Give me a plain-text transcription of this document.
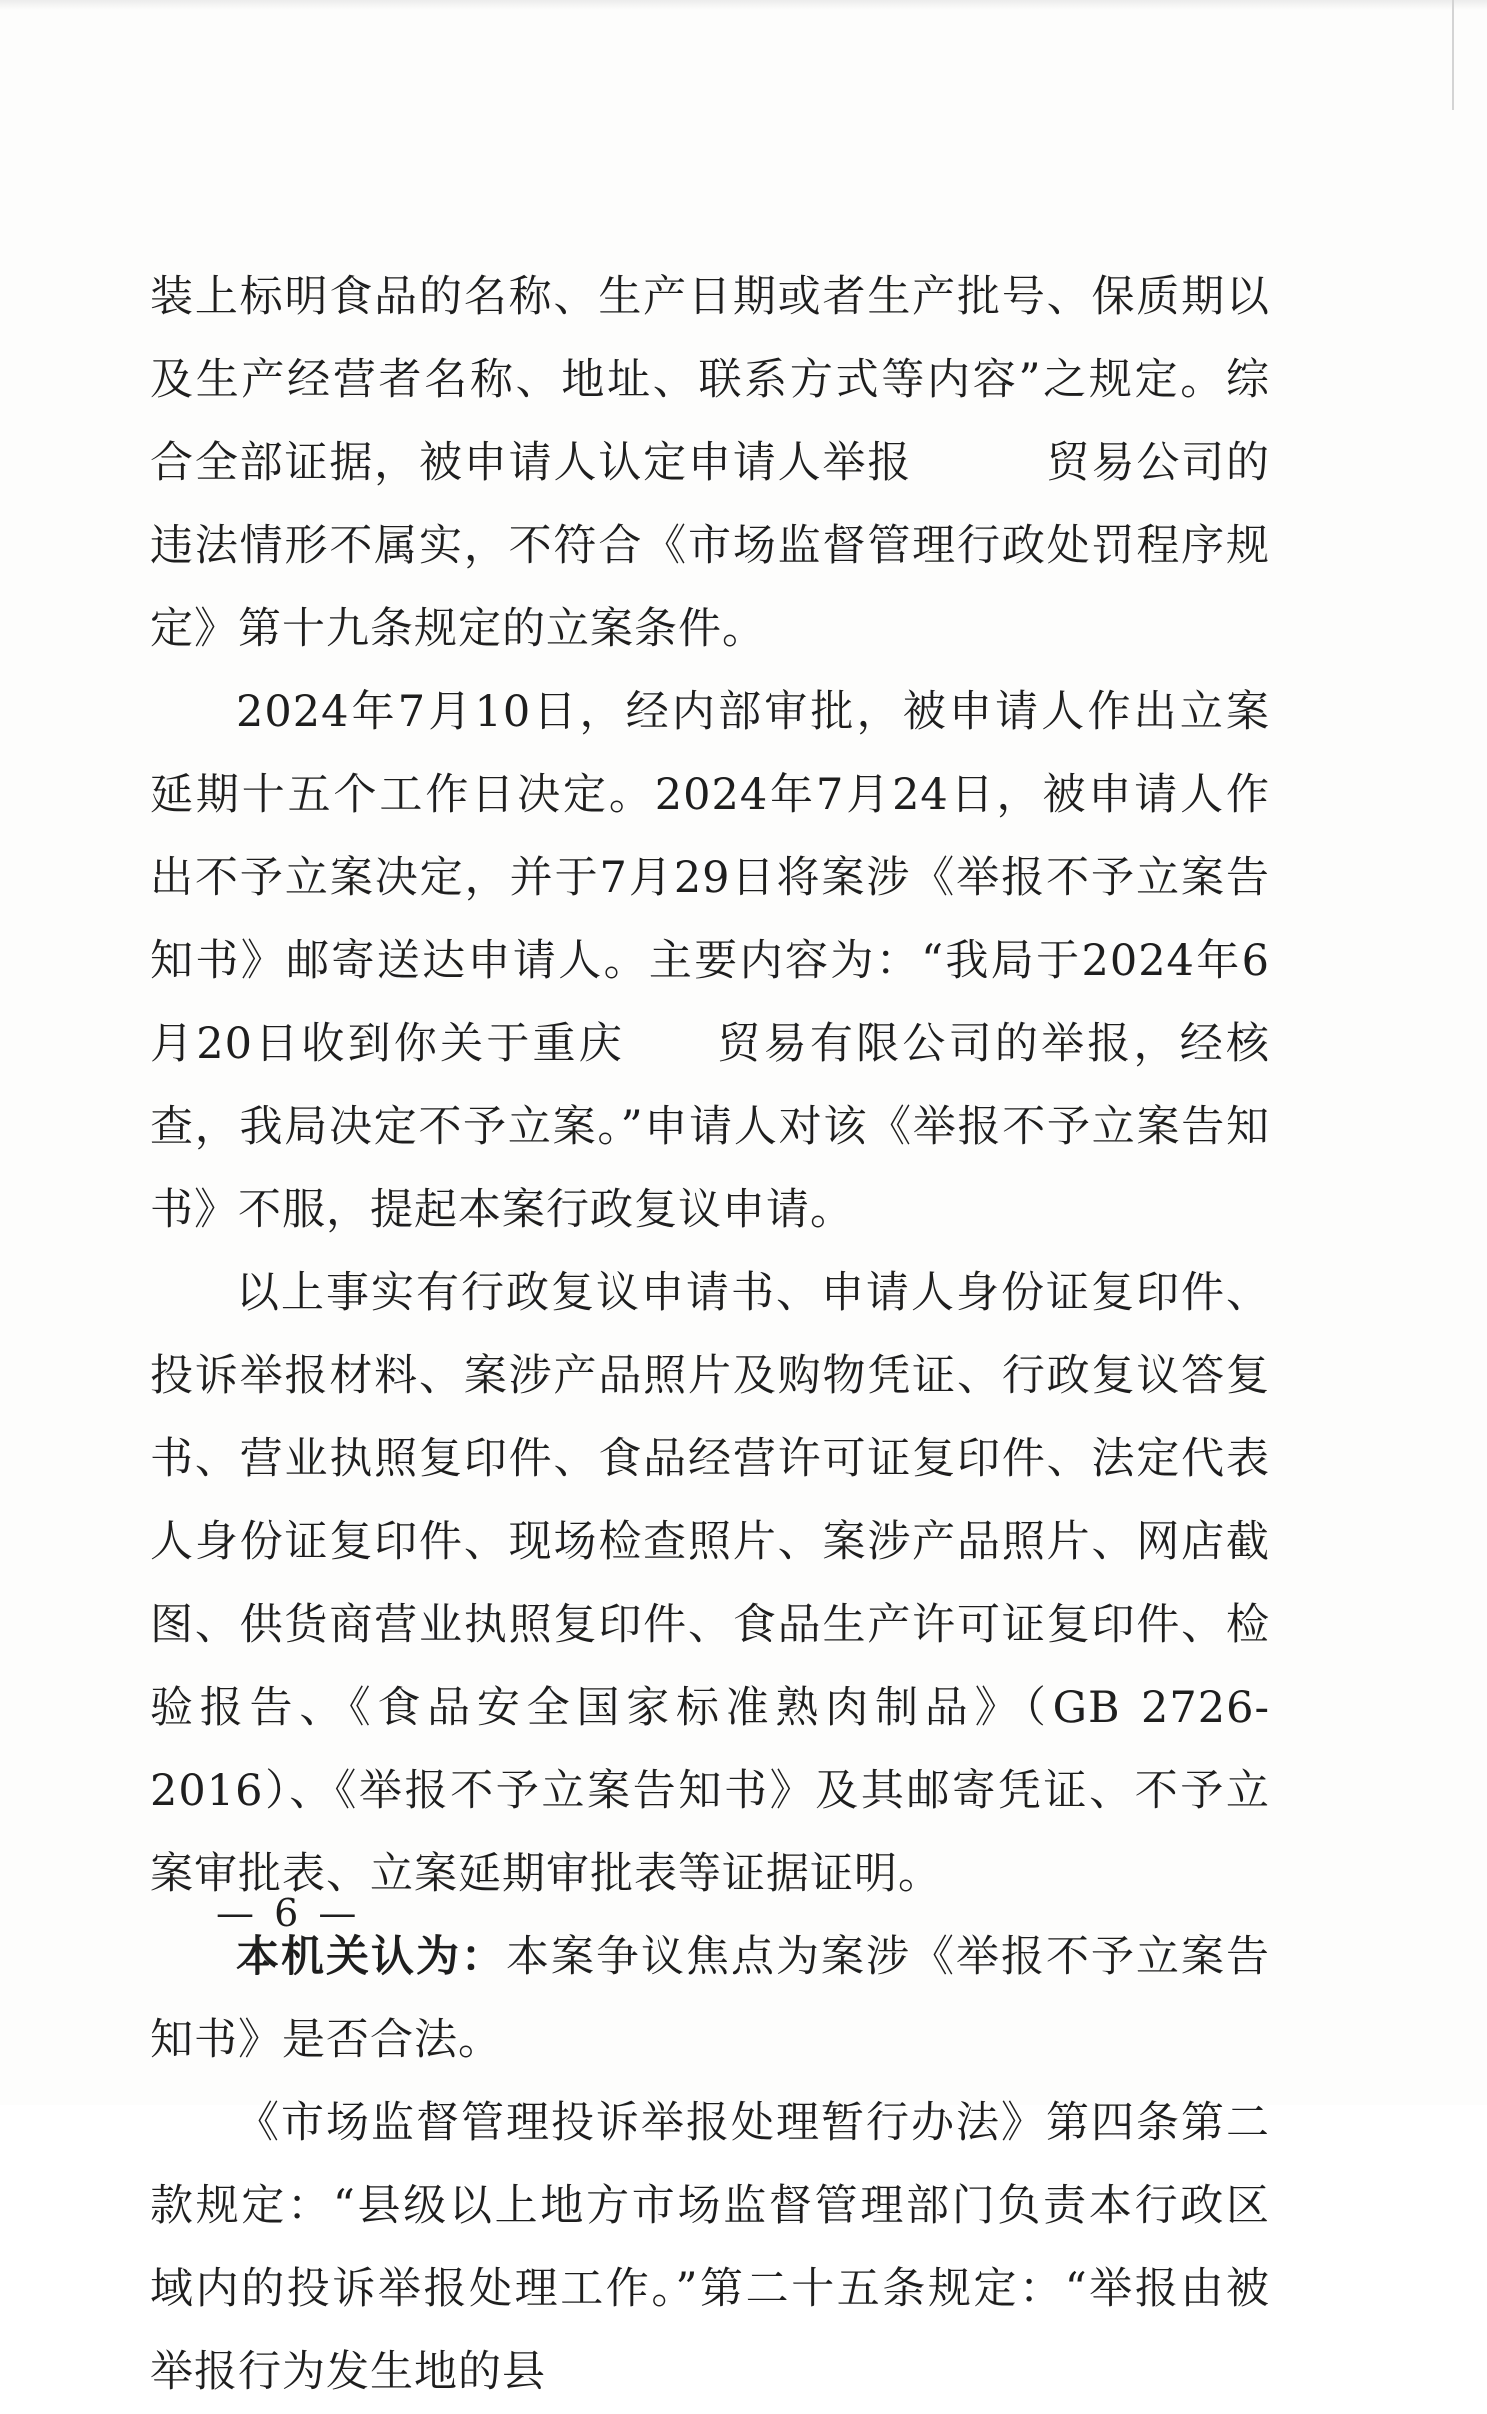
装上标明食品的名称、生产日期或者生产批号、保质期以及生产经营者名称、地址、联系方式等内容”之规定。综合全部证据，被申请人认定申请人举报　　　贸易公司的违法情形不属实，不符合《市场监督管理行政处罚程序规定》第十九条规定的立案条件。

2024年7月10日，经内部审批，被申请人作出立案延期十五个工作日决定。2024年7月24日，被申请人作出不予立案决定，并于7月29日将案涉《举报不予立案告知书》邮寄送达申请人。主要内容为：“我局于2024年6月20日收到你关于重庆　　贸易有限公司的举报，经核查，我局决定不予立案。”申请人对该《举报不予立案告知书》不服，提起本案行政复议申请。

以上事实有行政复议申请书、申请人身份证复印件、投诉举报材料、案涉产品照片及购物凭证、行政复议答复书、营业执照复印件、食品经营许可证复印件、法定代表人身份证复印件、现场检查照片、案涉产品照片、网店截图、供货商营业执照复印件、食品生产许可证复印件、检验报告、《食品安全国家标准熟肉制品》（GB 2726-2016）、《举报不予立案告知书》及其邮寄凭证、不予立案审批表、立案延期审批表等证据证明。

本机关认为：本案争议焦点为案涉《举报不予立案告知书》是否合法。

《市场监督管理投诉举报处理暂行办法》第四条第二款规定：“县级以上地方市场监督管理部门负责本行政区域内的投诉举报处理工作。”第二十五条规定：“举报由被举报行为发生地的县

— 6 —
